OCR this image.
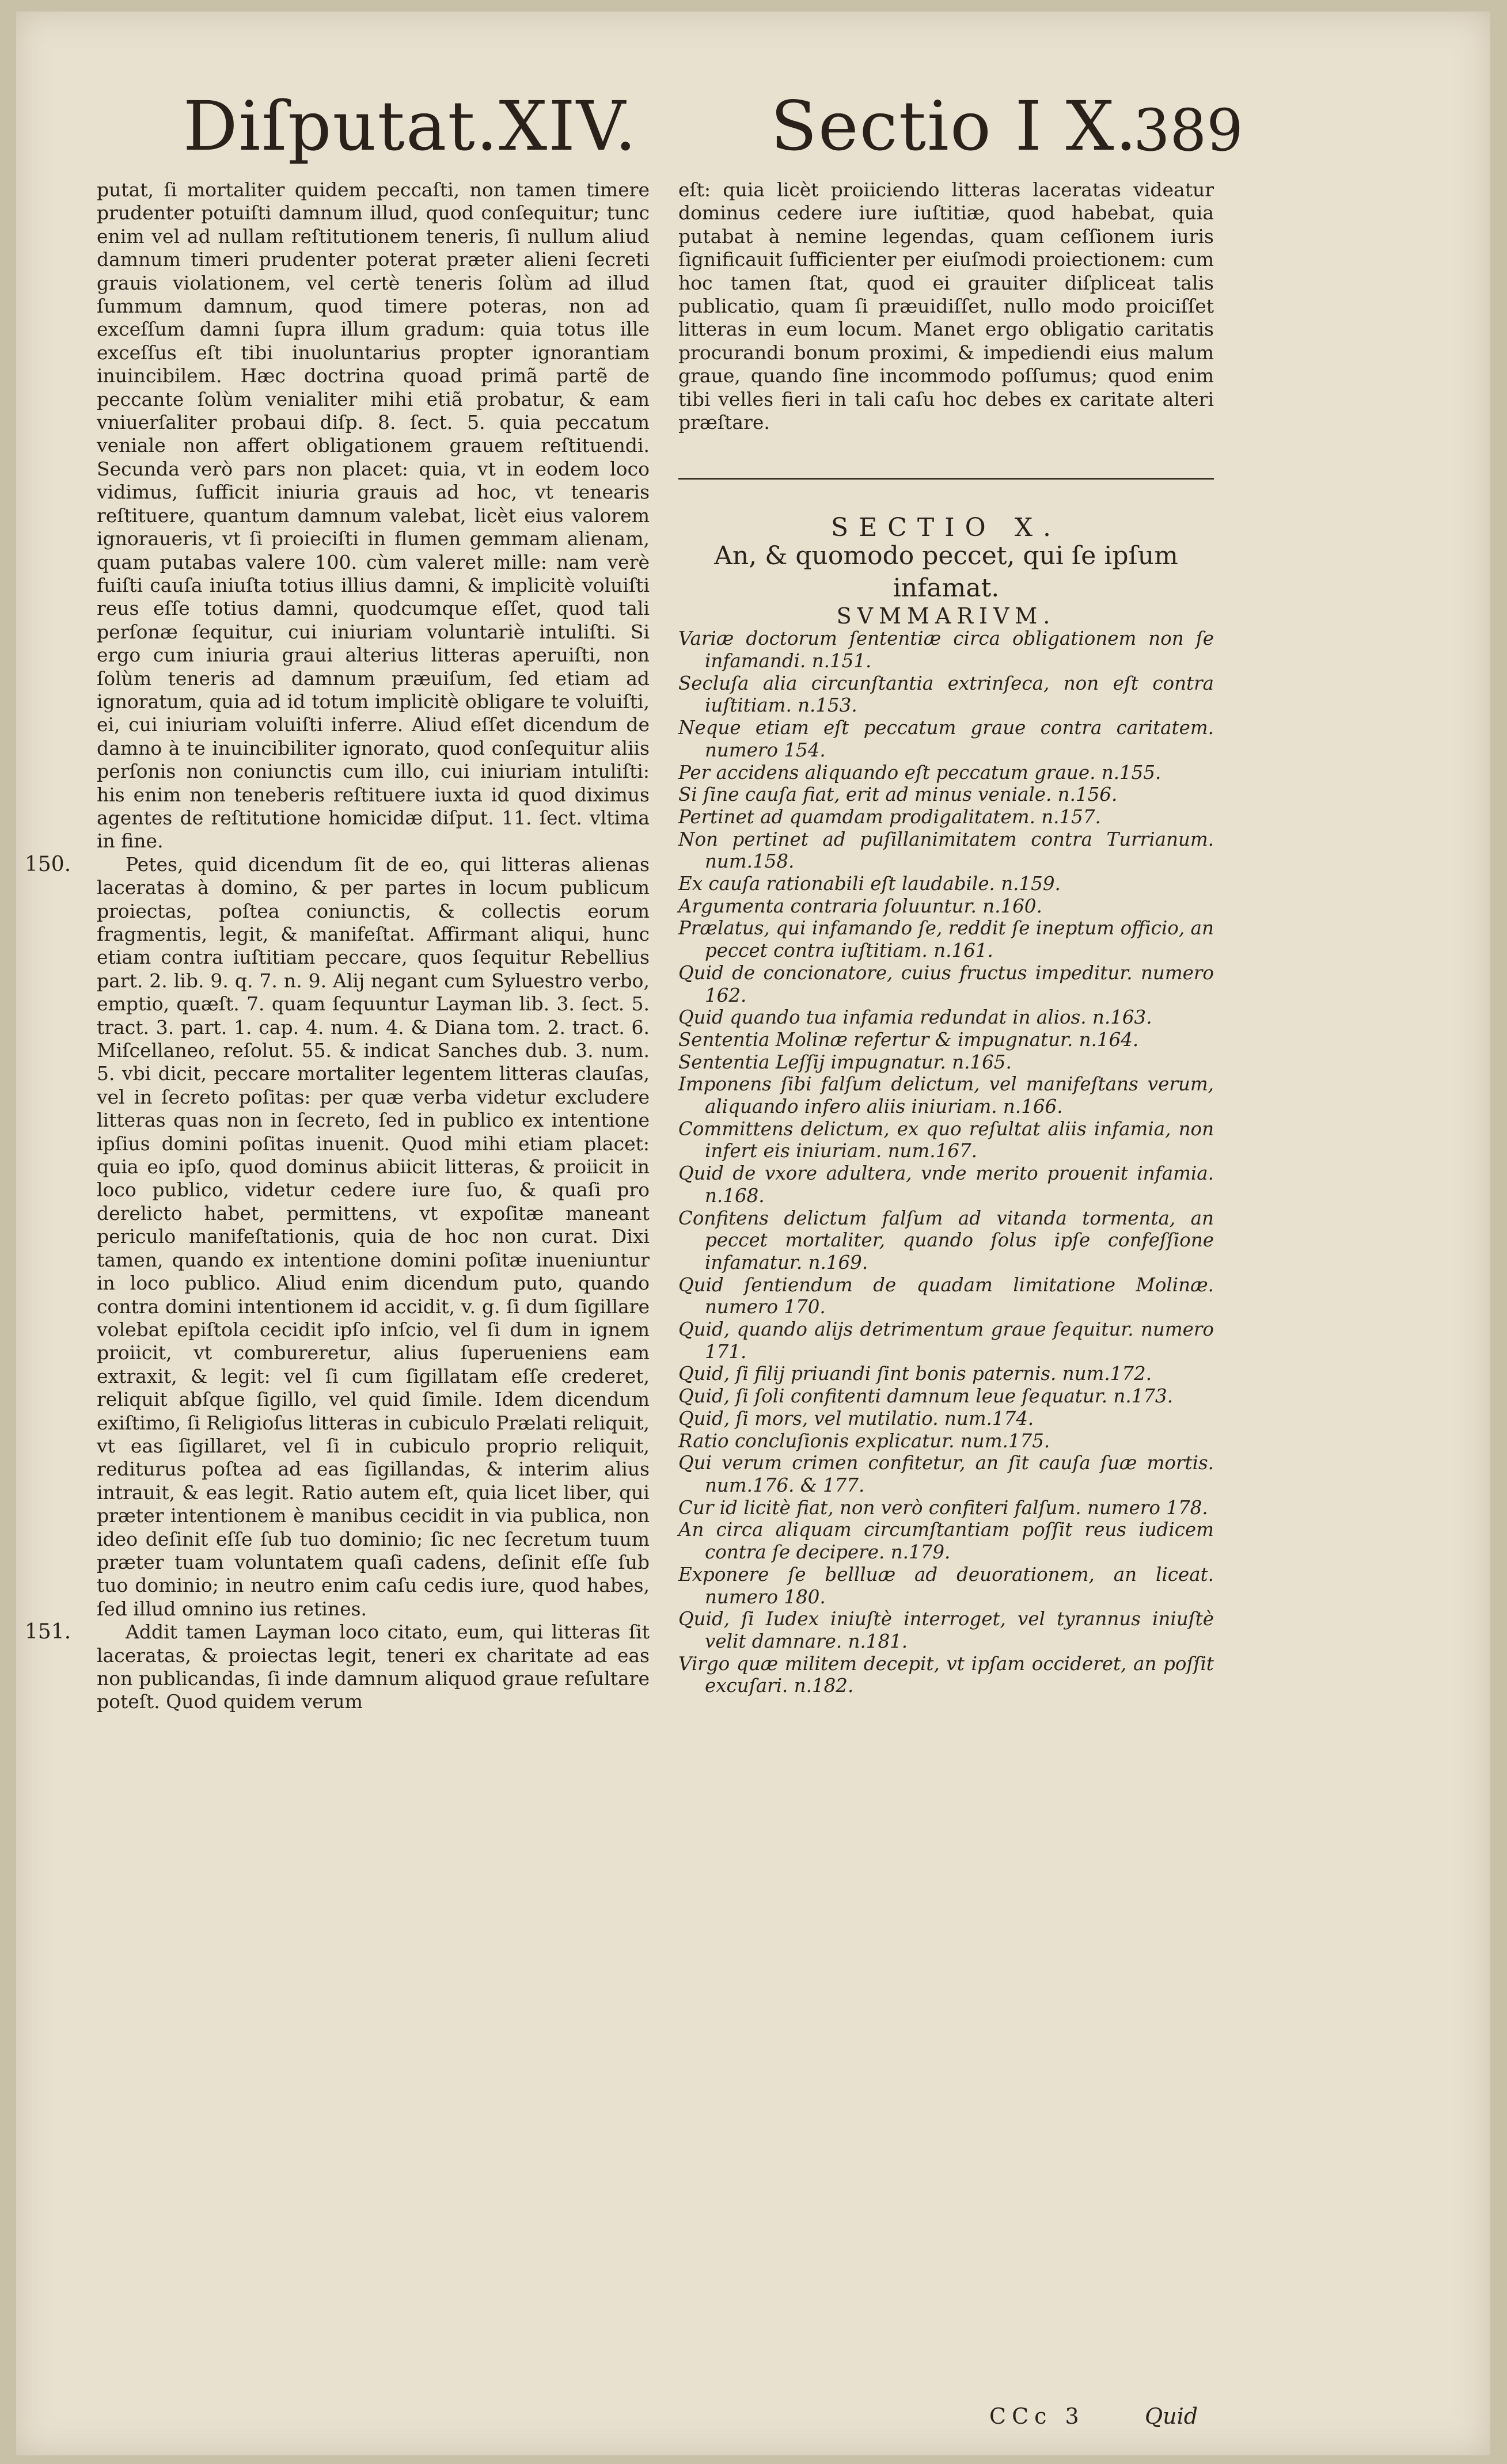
Diſputat.XIV. Sectio I X.
389

putat, ſi mortaliter quidem peccaſti, non tamen timere prudenter potuiſti damnum illud, quod conſequitur; tunc enim vel ad nullam reſtitutionem teneris, ſi nullum aliud damnum timeri prudenter poterat præter alieni ſecreti grauis violationem, vel certè teneris ſolùm ad illud ſummum damnum, quod timere poteras, non ad exceſſum damni ſupra illum gradum: quia totus ille exceſſus eſt tibi inuoluntarius propter ignorantiam inuincibilem. Hæc doctrina quoad primã partẽ de peccante ſolùm venialiter mihi etiã probatur, & eam vniuerſaliter probaui diſp. 8. ſect. 5. quia peccatum veniale non affert obligationem grauem reſtituendi. Secunda verò pars non placet: quia, vt in eodem loco vidimus, ſufficit iniuria grauis ad hoc, vt tenearis reſtituere, quantum damnum valebat, licèt eius valorem ignoraueris, vt ſi proieciſti in flumen gemmam alienam, quam putabas valere 100. cùm valeret mille: nam verè fuiſti cauſa iniuſta totius illius damni, & implicitè voluiſti reus eſſe totius damni, quodcumque eſſet, quod tali perſonæ ſequitur, cui iniuriam voluntariè intuliſti. Si ergo cum iniuria graui alterius litteras aperuiſti, non ſolùm teneris ad damnum præuiſum, ſed etiam ad ignoratum, quia ad id totum implicitè obligare te voluiſti, ei, cui iniuriam voluiſti inferre. Aliud eſſet dicendum de damno à te inuincibiliter ignorato, quod conſequitur aliis perſonis non coniunctis cum illo, cui iniuriam intuliſti: his enim non teneberis reſtituere iuxta id quod diximus agentes de reſtitutione homicidæ diſput. 11. ſect. vltima in fine.

150.	Petes, quid dicendum ſit de eo, qui litteras alienas laceratas à domino, & per partes in locum publicum proiectas, poſtea coniunctis, & collectis eorum fragmentis, legit, & manifeſtat. Affirmant aliqui, hunc etiam contra iuſtitiam peccare, quos ſequitur Rebellius part. 2. lib. 9. q. 7. n. 9. Alij negant cum Syluestro verbo, emptio, quæſt. 7. quam ſequuntur Layman lib. 3. ſect. 5. tract. 3. part. 1. cap. 4. num. 4. & Diana tom. 2. tract. 6. Miſcellaneo, reſolut. 55. & indicat Sanches dub. 3. num. 5. vbi dicit, peccare mortaliter legentem litteras clauſas, vel in ſecreto poſitas: per quæ verba videtur excludere litteras quas non in ſecreto, ſed in publico ex intentione ipſius domini poſitas inuenit. Quod mihi etiam placet: quia eo ipſo, quod dominus abiicit litteras, & proiicit in loco publico, videtur cedere iure ſuo, & quaſi pro derelicto habet, permittens, vt expoſitæ maneant periculo manifeſtationis, quia de hoc non curat. Dixi tamen, quando ex intentione domini poſitæ inueniuntur in loco publico. Aliud enim dicendum puto, quando contra domini intentionem id accidit, v. g. ſi dum ſigillare volebat epiſtola cecidit ipſo inſcio, vel ſi dum in ignem proiicit, vt combureretur, alius ſuperueniens eam extraxit, & legit: vel ſi cum ſigillatam eſſe crederet, reliquit abſque ſigillo, vel quid ſimile. Idem dicendum exiſtimo, ſi Religioſus litteras in cubiculo Prælati reliquit, vt eas ſigillaret, vel ſi in cubiculo proprio reliquit, rediturus poſtea ad eas ſigillandas, & interim alius intrauit, & eas legit. Ratio autem eſt, quia licet liber, qui præter intentionem è manibus cecidit in via publica, non ideo deſinit eſſe ſub tuo dominio; ſic nec ſecretum tuum præter tuam voluntatem quaſi cadens, deſinit eſſe ſub tuo dominio; in neutro enim caſu cedis iure, quod habes, ſed illud omnino ius retines.

151.	Addit tamen Layman loco citato, eum, qui litteras ſit laceratas, & proiectas legit, teneri ex charitate ad eas non publicandas, ſi inde damnum aliquod graue reſultare poteſt. Quod quidem verum

eſt: quia licèt proiiciendo litteras laceratas videatur dominus cedere iure iuſtitiæ, quod habebat, quia putabat à nemine legendas, quam ceſſionem iuris ſignificauit ſufficienter per eiuſmodi proiectionem: cum hoc tamen ſtat, quod ei grauiter diſpliceat talis publicatio, quam ſi præuidiſſet, nullo modo proiciſſet litteras in eum locum. Manet ergo obligatio caritatis procurandi bonum proximi, & impediendi eius malum graue, quando ſine incommodo poſſumus; quod enim tibi velles fieri in tali caſu hoc debes ex caritate alteri præſtare.

SECTIO X.

An, & quomodo peccet, qui ſe ipſum infamat.

SVMMARIVM.

Variæ doctorum ſententiæ circa obligationem non ſe infamandi. n.151.
Secluſa alia circunſtantia extrinſeca, non eſt contra iuſtitiam. n.153.
Neque etiam eſt peccatum graue contra caritatem. numero 154.
Per accidens aliquando eſt peccatum graue. n.155.
Si ſine cauſa fiat, erit ad minus veniale. n.156.
Pertinet ad quamdam prodigalitatem. n.157.
Non pertinet ad puſillanimitatem contra Turrianum. num.158.
Ex cauſa rationabili eſt laudabile. n.159.
Argumenta contraria ſoluuntur. n.160.
Prælatus, qui infamando ſe, reddit ſe ineptum officio, an peccet contra iuſtitiam. n.161.
Quid de concionatore, cuius fructus impeditur. numero 162.
Quid quando tua infamia redundat in alios. n.163.
Sententia Molinæ refertur & impugnatur. n.164.
Sententia Leſſij impugnatur. n.165.
Imponens ſibi falſum delictum, vel manifeſtans verum, aliquando infero aliis iniuriam. n.166.
Committens delictum, ex quo reſultat aliis infamia, non infert eis iniuriam. num.167.
Quid de vxore adultera, vnde merito prouenit infamia. n.168.
Confitens delictum falſum ad vitanda tormenta, an peccet mortaliter, quando ſolus ipſe confeſſione infamatur. n.169.
Quid ſentiendum de quadam limitatione Molinæ. numero 170.
Quid, quando alijs detrimentum graue ſequitur. numero 171.
Quid, ſi filij priuandi ſint bonis paternis. num.172.
Quid, ſi ſoli confitenti damnum leue ſequatur. n.173.
Quid, ſi mors, vel mutilatio. num.174.
Ratio concluſionis explicatur. num.175.
Qui verum crimen confitetur, an ſit cauſa ſuæ mortis. num.176. & 177.
Cur id licitè fiat, non verò confiteri falſum. numero 178.
An circa aliquam circumſtantiam poſſit reus iudicem contra ſe decipere. n.179.
Exponere ſe bellluæ ad deuorationem, an liceat. numero 180.
Quid, ſi Iudex iniuſtè interroget, vel tyrannus iniuſtè velit damnare. n.181.
Virgo quæ militem decepit, vt ipſam occideret, an poſſit excuſari. n.182.
CCc 3	Quid
